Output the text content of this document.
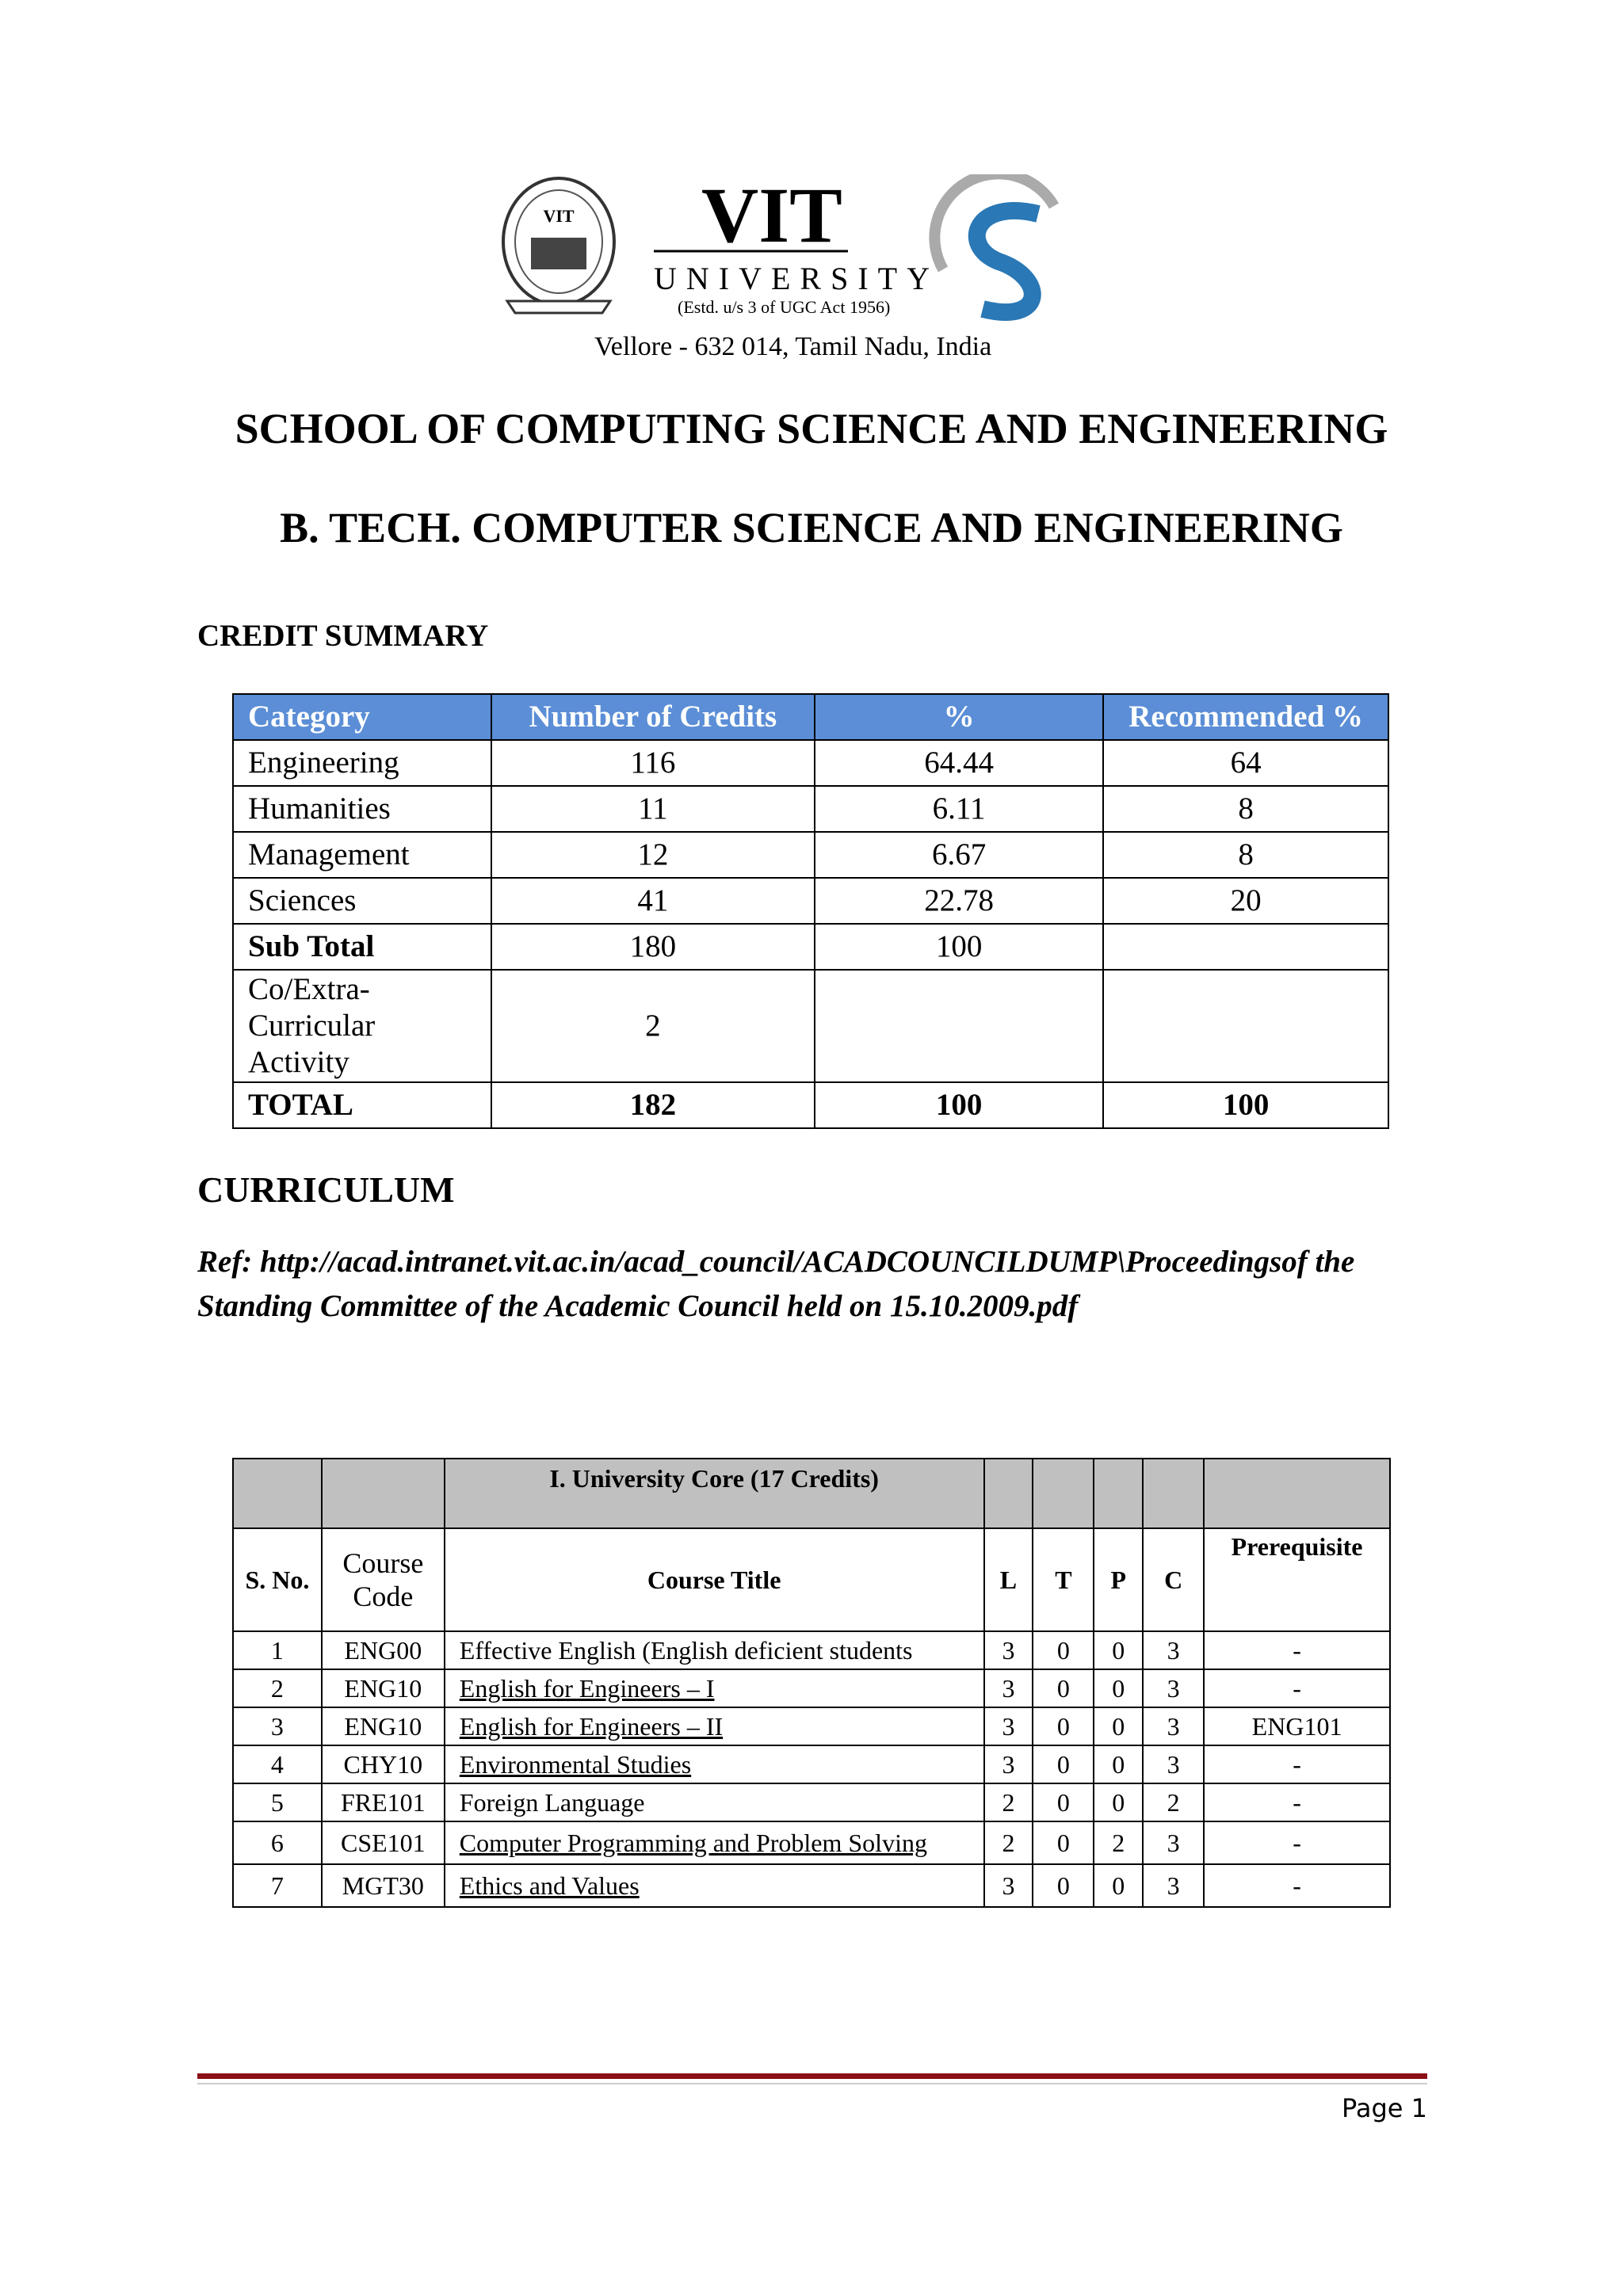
VIT VIT
UNIVERSITY
(Estd. u/s 3 of UGC Act 1956)
Vellore - 632 014, Tamil Nadu, India
SCHOOL OF COMPUTING SCIENCE AND ENGINEERING
B. TECH. COMPUTER SCIENCE AND ENGINEERING
CREDIT SUMMARY
Category	Number of Credits	%	Recommended %
Engineering	116	64.44	64
Humanities	11	6.11	8
Management	12	6.67	8
Sciences	41	22.78	20
Sub Total	180	100	
Co/Extra-Curricular Activity	2		
TOTAL	182	100	100
CURRICULUM
Ref: http://acad.intranet.vit.ac.in/acad_council/ACADCOUNCILDUMP\Proceedingsof the
Standing Committee of the Academic Council held on 15.10.2009.pdf
		I. University Core (17 Credits)					
S. No.	Course Code	Course Title	L	T	P	C	Prerequisite
1	ENG00	Effective English (English deficient students	3	0	0	3	-
2	ENG10	English for Engineers – I	3	0	0	3	-
3	ENG10	English for Engineers – II	3	0	0	3	ENG101
4	CHY10	Environmental Studies	3	0	0	3	-
5	FRE101	Foreign Language	2	0	0	2	-
6	CSE101	Computer Programming and Problem Solving	2	0	2	3	-
7	MGT30	Ethics and Values	3	0	0	3	-
Page 1
